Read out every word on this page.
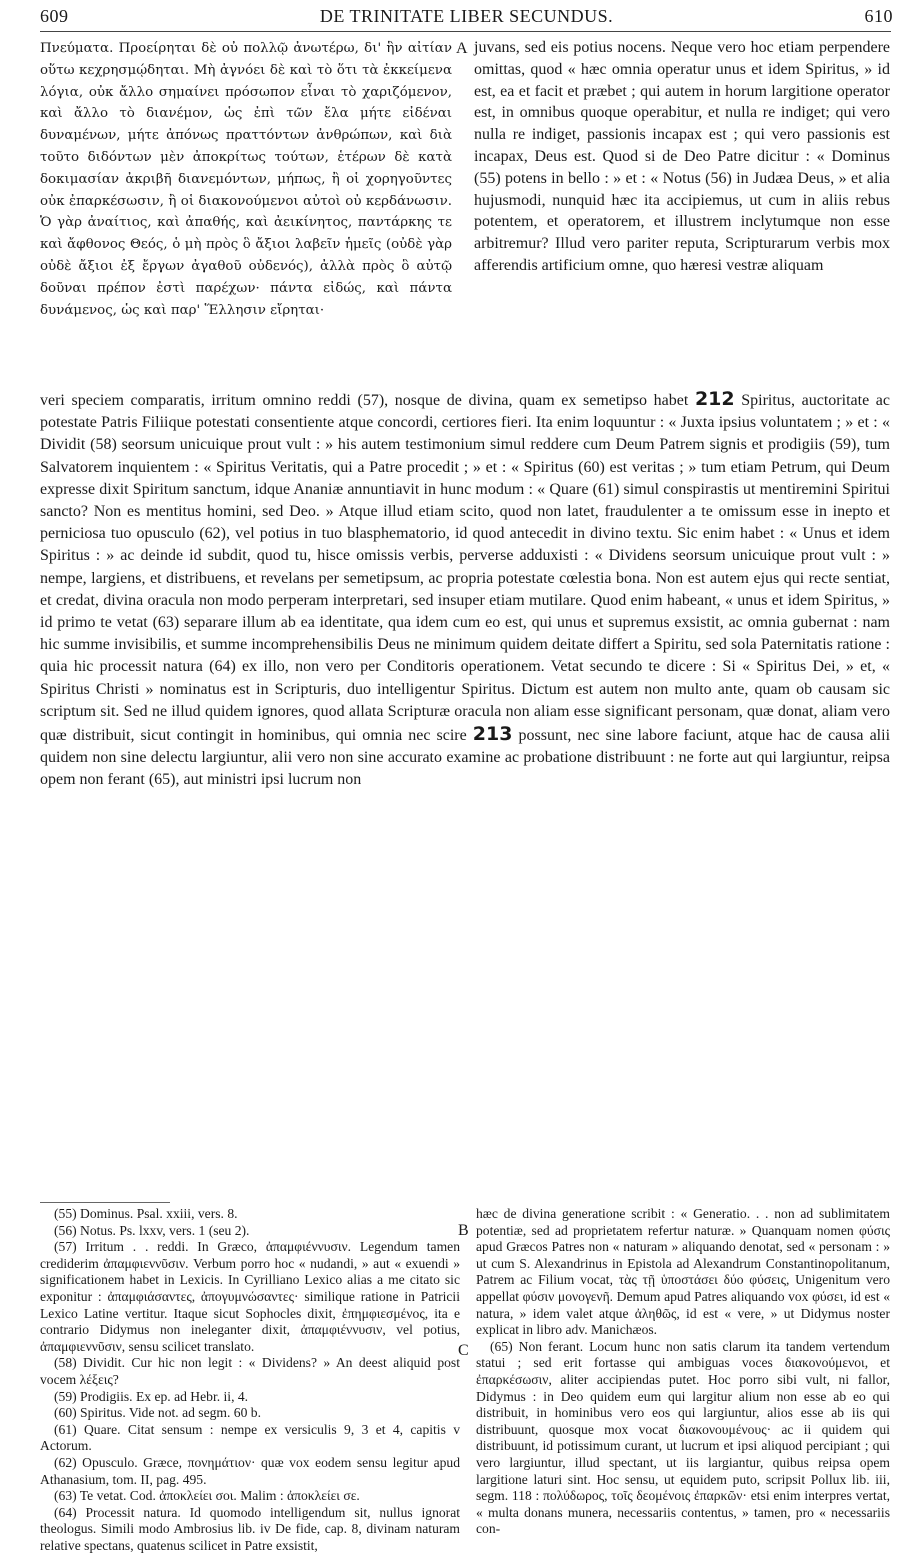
609	DE TRINITATE LIBER SECUNDUS.	610
Πνεύματα. Προείρηται δὲ οὐ πολλῷ ἀνωτέρω, δι' ἣν αἰτίαν οὕτω κεχρησμῴδηται. Μὴ ἀγνόει δὲ καὶ τὸ ὅτι τὰ ἐκκείμενα λόγια, οὐκ ἄλλο σημαίνει πρόσωπον εἶναι τὸ χαριζόμενον, καὶ ἄλλο τὸ διανέμον, ὡς ἐπὶ τῶν ἔλα μήτε εἰδέναι δυναμένων, μήτε ἀπόνως πραττόντων ἀνθρώπων, καὶ διὰ τοῦτο διδόντων μὲν ἀποκρίτως τούτων, ἑτέρων δὲ κατὰ δοκιμασίαν ἀκριβῆ διανεμόντων, μήπως, ἢ οἱ χορηγοῦντες οὐκ ἐπαρκέσωσιν, ἢ οἱ διακονούμενοι αὐτοὶ οὐ κερδάνωσιν. Ὁ γὰρ ἀναίτιος, καὶ ἀπαθής, καὶ ἀεικίνητος, παντάρκης τε καὶ ἄφθονος Θεός, ὁ μὴ πρὸς ὃ ἄξιοι λαβεῖν ἡμεῖς (οὐδὲ γὰρ οὐδὲ ἄξιοι ἐξ ἔργων ἀγαθοῦ οὐδενός), ἀλλὰ πρὸς ὃ αὐτῷ δοῦναι πρέπον ἐστὶ παρέχων· πάντα εἰδώς, καὶ πάντα δυνάμενος, ὡς καὶ παρ' Ἕλλησιν εἴρηται·
A juvans, sed eis potius nocens. Neque vero hoc etiam perpendere omittas, quod « hæc omnia operatur unus et idem Spiritus, » id est, ea et facit et præbet ; qui autem in horum largitione operator est, in omnibus quoque operabitur, et nulla re indiget; qui vero nulla re indiget, passionis incapax est ; qui vero passionis est incapax, Deus est. Quod si de Deo Patre dicitur : « Dominus (55) potens in bello : » et : « Notus (56) in Judæa Deus, » et alia hujusmodi, nunquid hæc ita accipiemus, ut cum in aliis rebus potentem, et operatorem, et illustrem inclytumque non esse arbitremur? Illud vero pariter reputa, Scripturarum verbis mox afferendis artificium omne, quo hæresi vestræ aliquam
veri speciem comparatis, irritum omnino reddi (57), nosque de divina, quam ex semetipso habet 212 Spiritus, auctoritate ac potestate Patris Filiique potestati consentiente atque concordi, certiores fieri. Ita enim loquuntur : « Juxta ipsius voluntatem ; » et : « Dividit (58) seorsum unicuique prout vult : » his autem testimonium simul reddere cum Deum Patrem signis et prodigiis (59), tum Salvatorem inquientem : « Spiritus Veritatis, qui a Patre procedit ; » et : « Spiritus (60) est veritas ; » tum etiam Petrum, qui Deum expresse dixit Spiritum sanctum, idque Ananiæ annuntiavit in hunc modum : « Quare (61) simul conspirastis ut mentiremini Spiritui sancto? Non es mentitus homini, sed Deo. » Atque illud etiam scito, quod non latet, fraudulenter a te omissum esse in inepto et perniciosa tuo opusculo (62), vel potius in tuo blasphematorio, id quod antecedit in divino textu. Sic enim habet : « Unus et idem Spiritus : » ac deinde id subdit, quod tu, hisce omissis verbis, perverse adduxisti : « Dividens seorsum unicuique prout vult : » nempe, largiens, et distribuens, et revelans per semetipsum, ac propria potestate cœlestia bona. Non est autem ejus qui recte sentiat, et credat, divina oracula non modo perperam interpretari, sed insuper etiam mutilare. Quod enim habeant, « unus et idem Spiritus, » id primo te vetat (63) separare illum ab ea identitate, qua idem cum eo est, qui unus et supremus exsistit, ac omnia gubernat : nam hic summe invisibilis, et summe incomprehensibilis Deus ne minimum quidem deitate differt a Spiritu, sed sola Paternitatis ratione : quia hic processit natura (64) ex illo, non vero per Conditoris operationem. Vetat secundo te dicere : Si « Spiritus Dei, » et, « Spiritus Christi » nominatus est in Scripturis, duo intelligentur Spiritus. Dictum est autem non multo ante, quam ob causam sic scriptum sit. Sed ne illud quidem ignores, quod allata Scripturæ oracula non aliam esse significant personam, quæ donat, aliam vero quæ distribuit, sicut contingit in hominibus, qui omnia nec scire 213 possunt, nec sine labore faciunt, atque hac de causa alii quidem non sine delectu largiuntur, alii vero non sine accurato examine ac probatione distribuunt : ne forte aut qui largiuntur, reipsa opem non ferant (65), aut ministri ipsi lucrum non

(55) Dominus. Psal. xxiii, vers. 8.

(56) Notus. Ps. lxxv, vers. 1 (seu 2).

(57) Irritum . . reddi. In Græco, ἀπαμφιέννυσιν. Legendum tamen crediderim ἀπαμφιεννῦσιν. Verbum porro hoc « nudandi, » aut « exuendi » significationem habet in Lexicis. In Cyrilliano Lexico alias a me citato sic exponitur : ἀπαμφιάσαντες, ἀπογυμνώσαντες· similique ratione in Patricii Lexico Latine vertitur. Itaque sicut Sophocles dixit, ἐπημφιεσμένος, ita e contrario Didymus non ineleganter dixit, ἀπαμφιέννυσιν, vel potius, ἀπαμφιεννῦσιν, sensu scilicet translato.

(58) Dividit. Cur hic non legit : « Dividens? » An deest aliquid post vocem λέξεις?

(59) Prodigiis. Ex ep. ad Hebr. ii, 4.

(60) Spiritus. Vide not. ad segm. 60 b.

(61) Quare. Citat sensum : nempe ex versiculis 9, 3 et 4, capitis v Actorum.

(62) Opusculo. Græce, πονημάτιον· quæ vox eodem sensu legitur apud Athanasium, tom. II, pag. 495.

(63) Te vetat. Cod. ἀποκλείει σοι. Malim : ἀποκλείει σε.

(64) Processit natura. Id quomodo intelligendum sit, nullus ignorat theologus. Simili modo Ambrosius lib. iv De fide, cap. 8, divinam naturam relative spectans, quatenus scilicet in Patre exsistit,

B
C

hæc de divina generatione scribit : « Generatio. . . non ad sublimitatem potentiæ, sed ad proprietatem refertur naturæ. » Quanquam nomen φύσις apud Græcos Patres non « naturam » aliquando denotat, sed « personam : » ut cum S. Alexandrinus in Epistola ad Alexandrum Constantinopolitanum, Patrem ac Filium vocat, τὰς τῇ ὑποστάσει δύο φύσεις, Unigenitum vero appellat φύσιν μονογενῆ. Demum apud Patres aliquando vox φύσει, id est « natura, » idem valet atque ἀληθῶς, id est « vere, » ut Didymus noster explicat in libro adv. Manichæos.

(65) Non ferant. Locum hunc non satis clarum ita tandem vertendum statui ; sed erit fortasse qui ambiguas voces διακονούμενοι, et ἐπαρκέσωσιν, aliter accipiendas putet. Hoc porro sibi vult, ni fallor, Didymus : in Deo quidem eum qui largitur alium non esse ab eo qui distribuit, in hominibus vero eos qui largiuntur, alios esse ab iis qui distribuunt, quosque mox vocat διακονουμένους· ac ii quidem qui distribuunt, id potissimum curant, ut lucrum et ipsi aliquod percipiant ; qui vero largiuntur, illud spectant, ut iis largiantur, quibus reipsa opem largitione laturi sint. Hoc sensu, ut equidem puto, scripsit Pollux lib. iii, segm. 118 : πολύδωρος, τοῖς δεομένοις ἐπαρκῶν· etsi enim interpres vertat, « multa donans munera, necessariis contentus, » tamen, pro « necessariis con-
